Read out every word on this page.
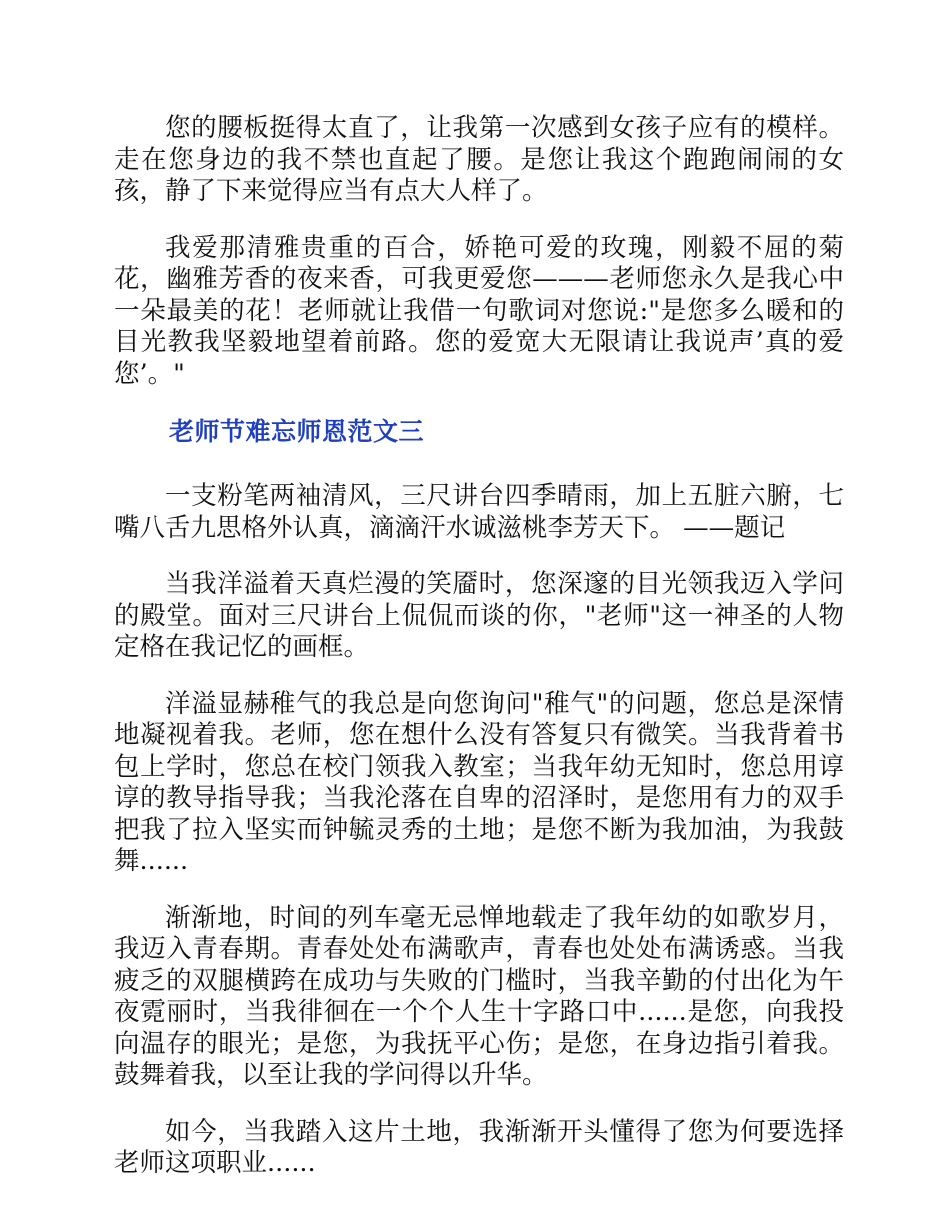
您的腰板挺得太直了，让我第一次感到女孩子应有的模样。走在您身边的我不禁也直起了腰。是您让我这个跑跑闹闹的女孩，静了下来觉得应当有点大人样了。

我爱那清雅贵重的百合，娇艳可爱的玫瑰，刚毅不屈的菊花，幽雅芳香的夜来香，可我更爱您———老师您永久是我心中一朵最美的花！老师就让我借一句歌词对您说:"是您多么暖和的目光教我坚毅地望着前路。您的爱宽大无限请让我说声’真的爱您’。"

老师节难忘师恩范文三

一支粉笔两袖清风，三尺讲台四季晴雨，加上五脏六腑，七嘴八舌九思格外认真，滴滴汗水诚滋桃李芳天下。 ——题记

当我洋溢着天真烂漫的笑靥时，您深邃的目光领我迈入学问的殿堂。面对三尺讲台上侃侃而谈的你，"老师"这一神圣的人物定格在我记忆的画框。

洋溢显赫稚气的我总是向您询问"稚气"的问题，您总是深情地凝视着我。老师，您在想什么没有答复只有微笑。当我背着书包上学时，您总在校门领我入教室；当我年幼无知时，您总用谆谆的教导指导我；当我沦落在自卑的沼泽时，是您用有力的双手把我了拉入坚实而钟毓灵秀的土地；是您不断为我加油，为我鼓舞......

渐渐地，时间的列车毫无忌惮地载走了我年幼的如歌岁月，我迈入青春期。青春处处布满歌声，青春也处处布满诱惑。当我疲乏的双腿横跨在成功与失败的门槛时，当我辛勤的付出化为午夜霓丽时，当我徘徊在一个个人生十字路口中......是您，向我投向温存的眼光；是您，为我抚平心伤；是您，在身边指引着我。鼓舞着我，以至让我的学问得以升华。

如今，当我踏入这片土地，我渐渐开头懂得了您为何要选择老师这项职业......
